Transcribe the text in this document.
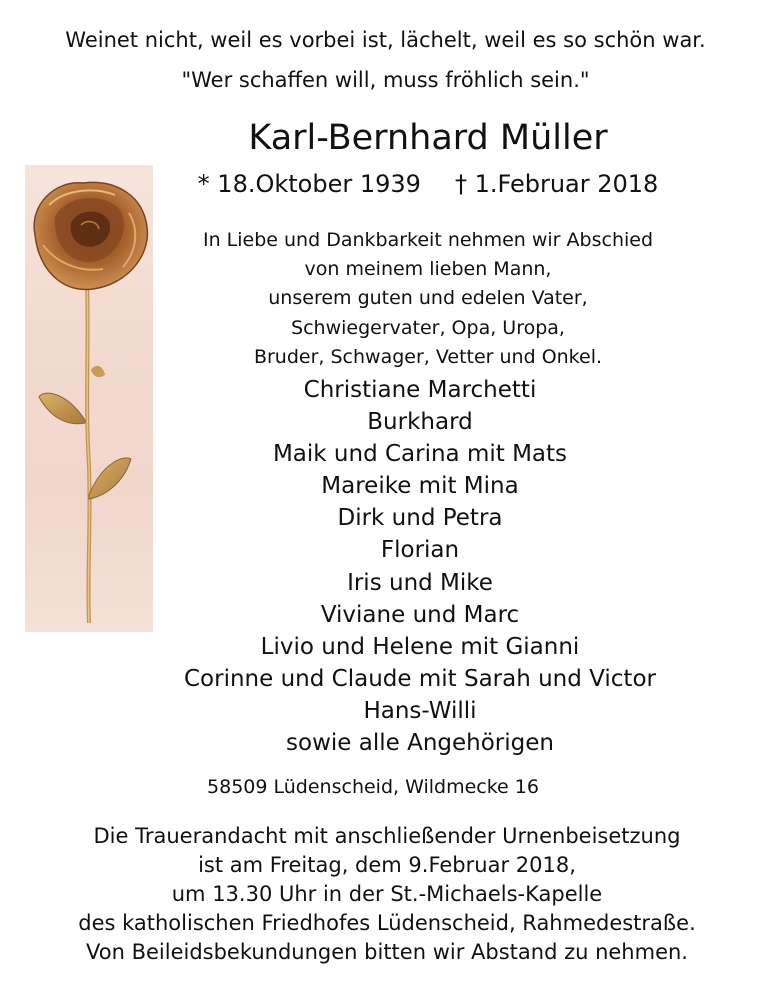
Weinet nicht, weil es vorbei ist, lächelt, weil es so schön war.
"Wer schaffen will, muss fröhlich sein."
Karl-Bernhard Müller
* 18.Oktober 1939 † 1.Februar 2018
In Liebe und Dankbarkeit nehmen wir Abschied
von meinem lieben Mann,
unserem guten und edelen Vater,
Schwiegervater, Opa, Uropa,
Bruder, Schwager, Vetter und Onkel.
Christiane Marchetti
Burkhard
Maik und Carina mit Mats
Mareike mit Mina
Dirk und Petra
Florian
Iris und Mike
Viviane und Marc
Livio und Helene mit Gianni
Corinne und Claude mit Sarah und Victor
Hans-Willi
sowie alle Angehörigen
58509 Lüdenscheid, Wildmecke 16
Die Trauerandacht mit anschließender Urnenbeisetzung
ist am Freitag, dem 9.Februar 2018,
um 13.30 Uhr in der St.-Michaels-Kapelle
des katholischen Friedhofes Lüdenscheid, Rahmedestraße.
Von Beileidsbekundungen bitten wir Abstand zu nehmen.
